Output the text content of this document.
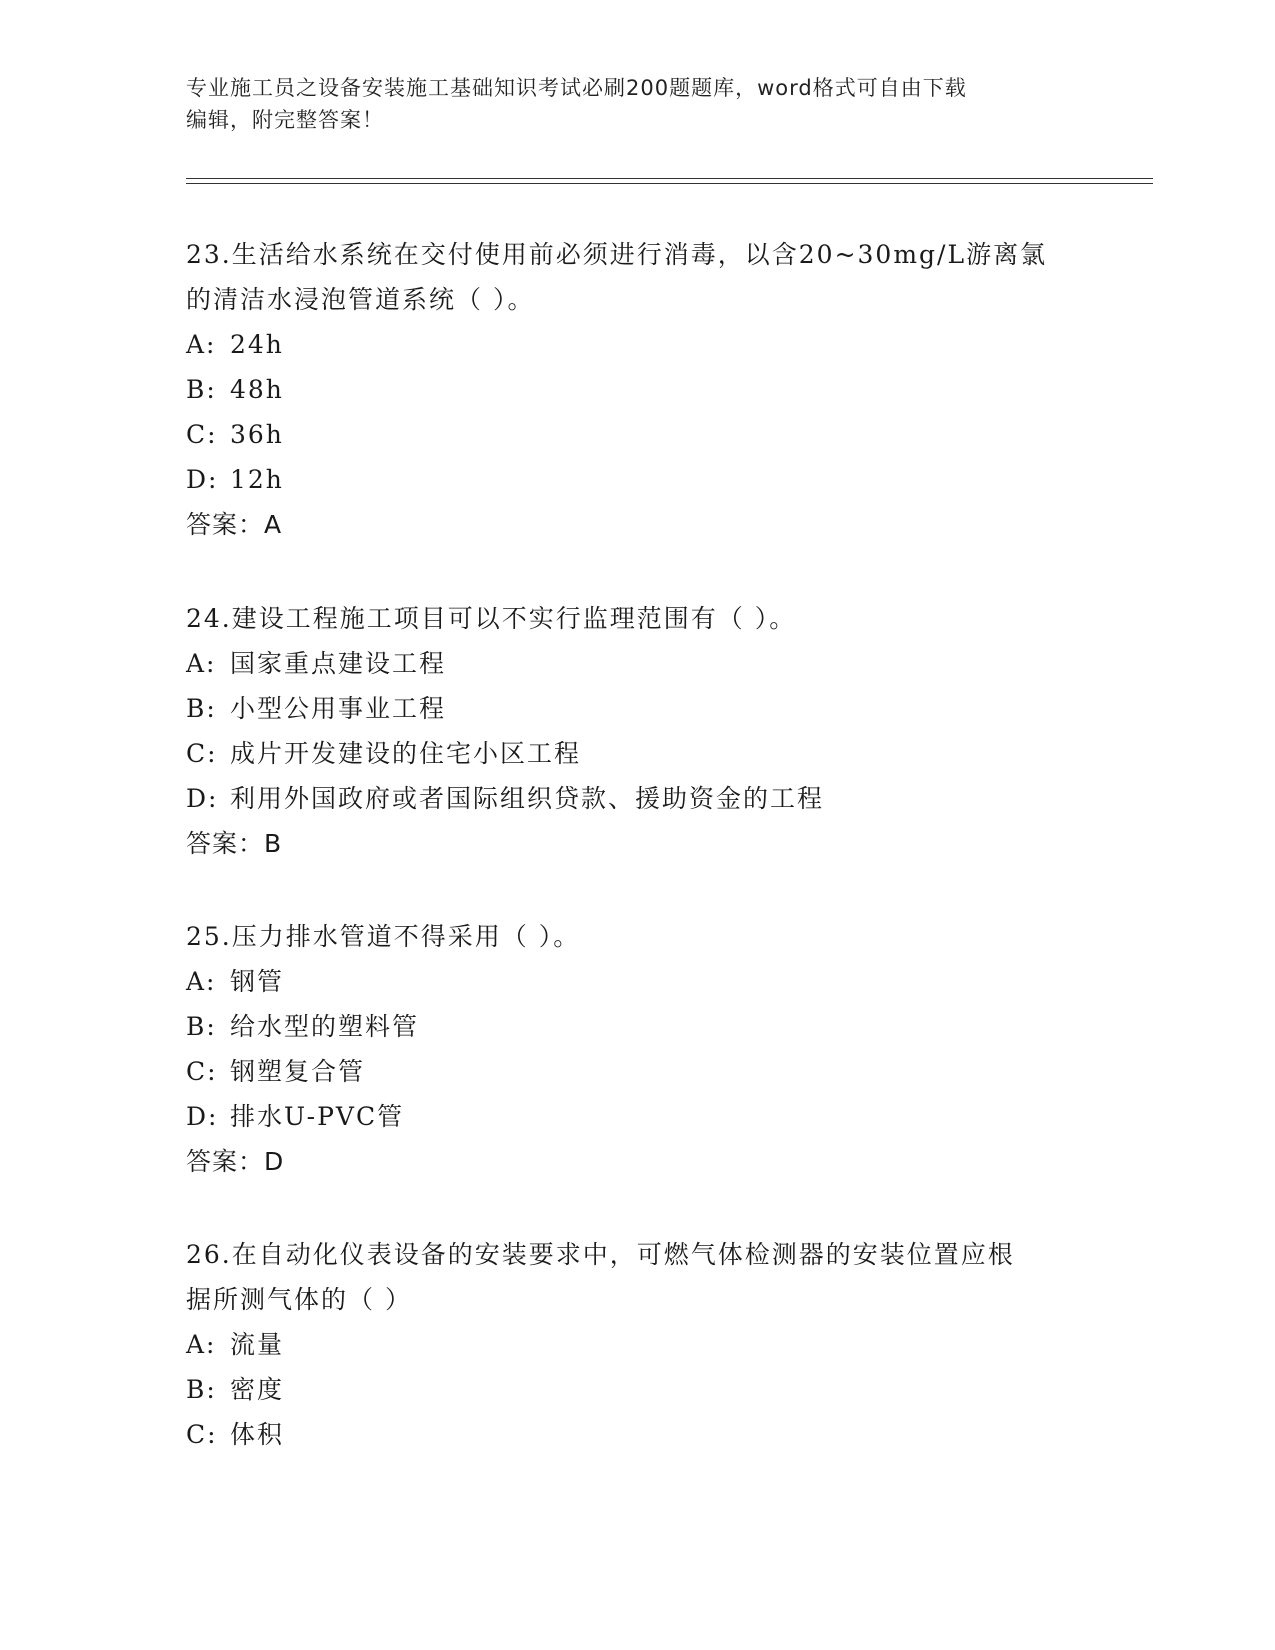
专业施工员之设备安装施工基础知识考试必刷200题题库，word格式可自由下载
编辑，附完整答案！

23.生活给水系统在交付使用前必须进行消毒，以含20~30mg/L游离氯

的清洁水浸泡管道系统（ ）。

A: 24h

B: 48h

C: 36h

D: 12h

答案：A

24.建设工程施工项目可以不实行监理范围有（ ）。

A: 国家重点建设工程

B: 小型公用事业工程

C: 成片开发建设的住宅小区工程

D: 利用外国政府或者国际组织贷款、援助资金的工程

答案：B

25.压力排水管道不得采用（ ）。

A: 钢管

B: 给水型的塑料管

C: 钢塑复合管

D: 排水U-PVC管

答案：D

26.在自动化仪表设备的安装要求中，可燃气体检测器的安装位置应根

据所测气体的（ ）

A: 流量

B: 密度

C: 体积
